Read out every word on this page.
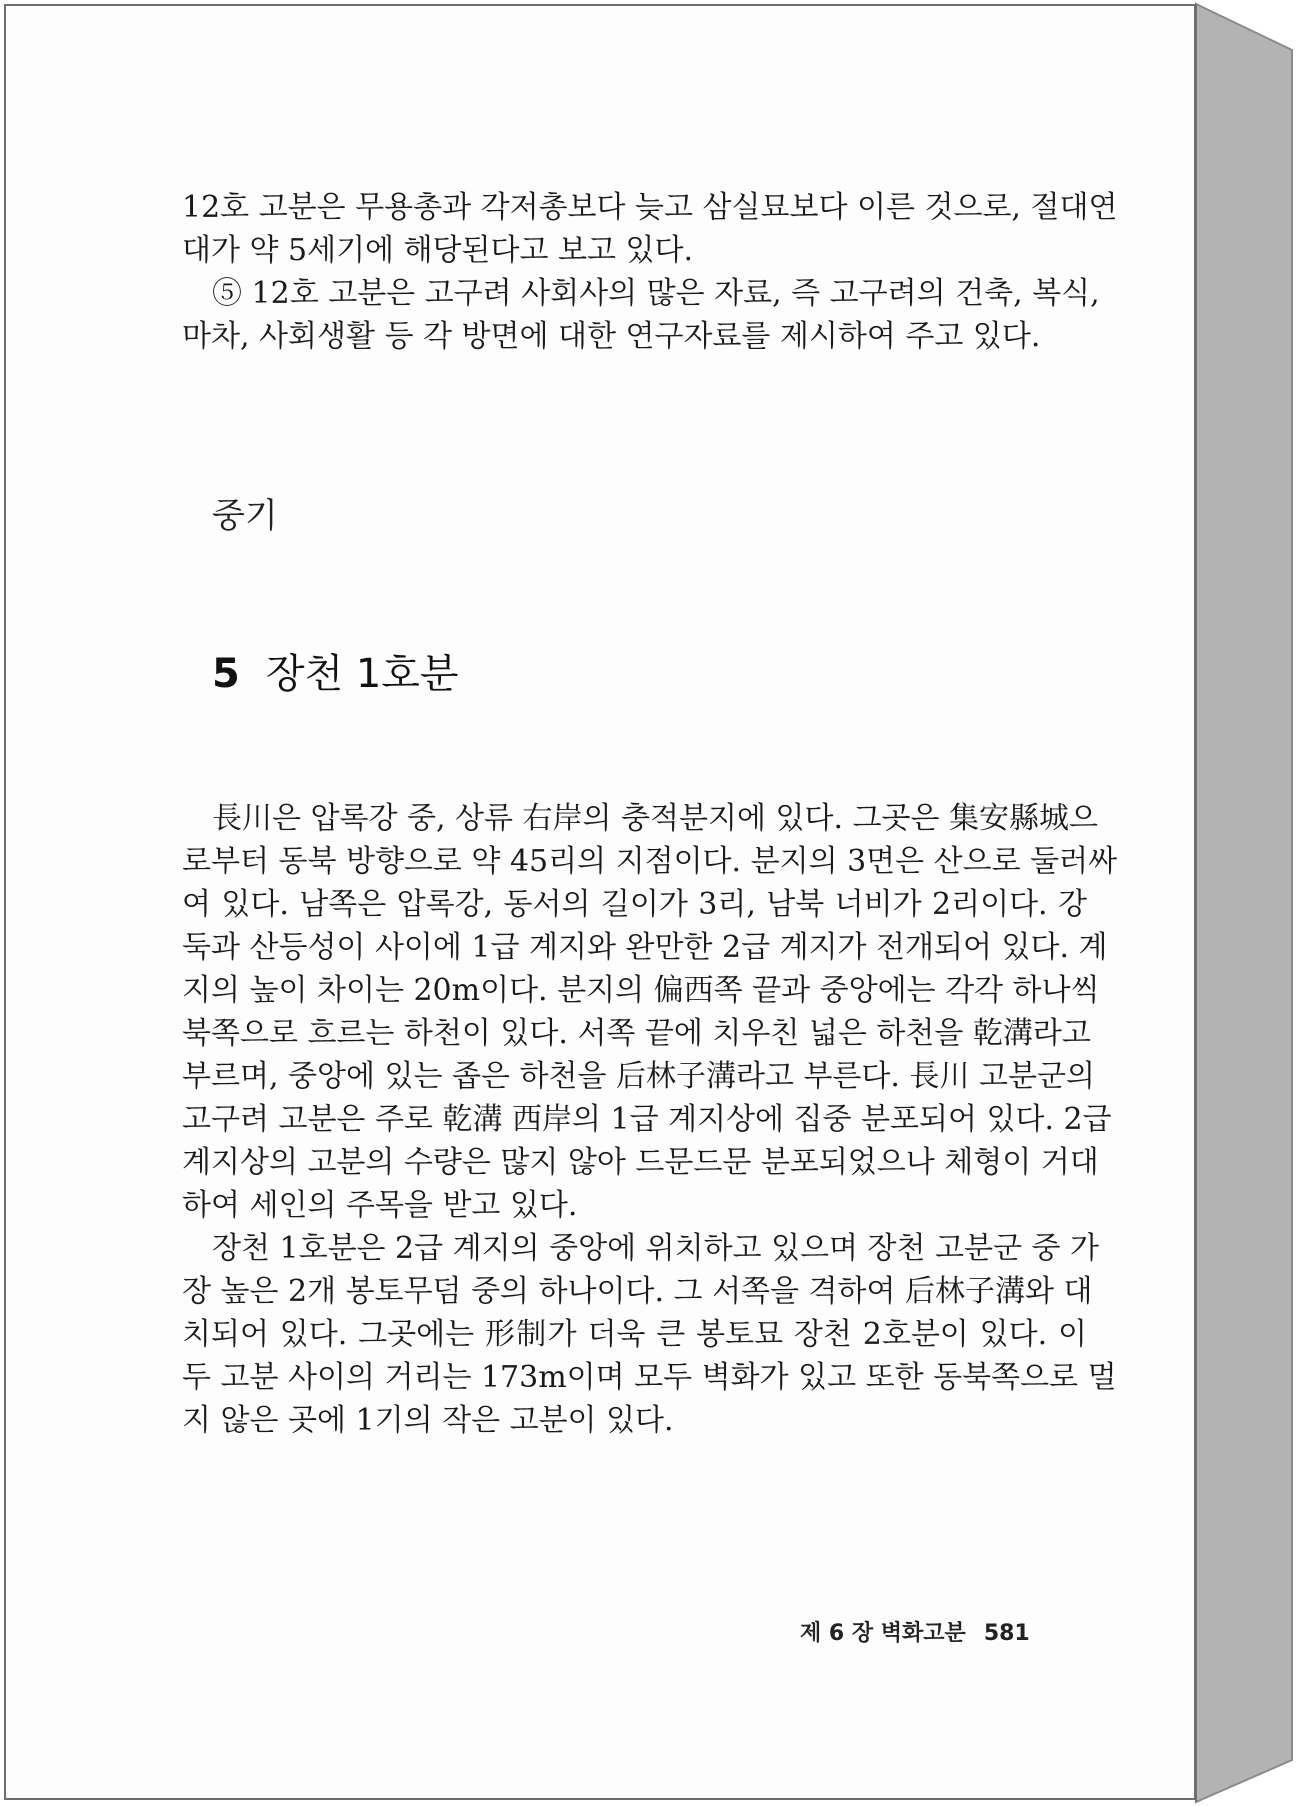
12호 고분은 무용총과 각저총보다 늦고 삼실묘보다 이른 것으로, 절대연
대가 약 5세기에 해당된다고 보고 있다.
⑤ 12호 고분은 고구려 사회사의 많은 자료, 즉 고구려의 건축, 복식,
마차, 사회생활 등 각 방면에 대한 연구자료를 제시하여 주고 있다.
중기
5 장천 1호분
長川은 압록강 중, 상류 右岸의 충적분지에 있다. 그곳은 集安縣城으
로부터 동북 방향으로 약 45리의 지점이다. 분지의 3면은 산으로 둘러싸
여 있다. 남쪽은 압록강, 동서의 길이가 3리, 남북 너비가 2리이다. 강
둑과 산등성이 사이에 1급 계지와 완만한 2급 계지가 전개되어 있다. 계
지의 높이 차이는 20m이다. 분지의 偏西쪽 끝과 중앙에는 각각 하나씩
북쪽으로 흐르는 하천이 있다. 서쪽 끝에 치우친 넓은 하천을 乾溝라고
부르며, 중앙에 있는 좁은 하천을 后林子溝라고 부른다. 長川 고분군의
고구려 고분은 주로 乾溝 西岸의 1급 계지상에 집중 분포되어 있다. 2급
계지상의 고분의 수량은 많지 않아 드문드문 분포되었으나 체형이 거대
하여 세인의 주목을 받고 있다.
장천 1호분은 2급 계지의 중앙에 위치하고 있으며 장천 고분군 중 가
장 높은 2개 봉토무덤 중의 하나이다. 그 서쪽을 격하여 后林子溝와 대
치되어 있다. 그곳에는 形制가 더욱 큰 봉토묘 장천 2호분이 있다. 이
두 고분 사이의 거리는 173m이며 모두 벽화가 있고 또한 동북쪽으로 멀
지 않은 곳에 1기의 작은 고분이 있다.
제 6 장 벽화고분 581
